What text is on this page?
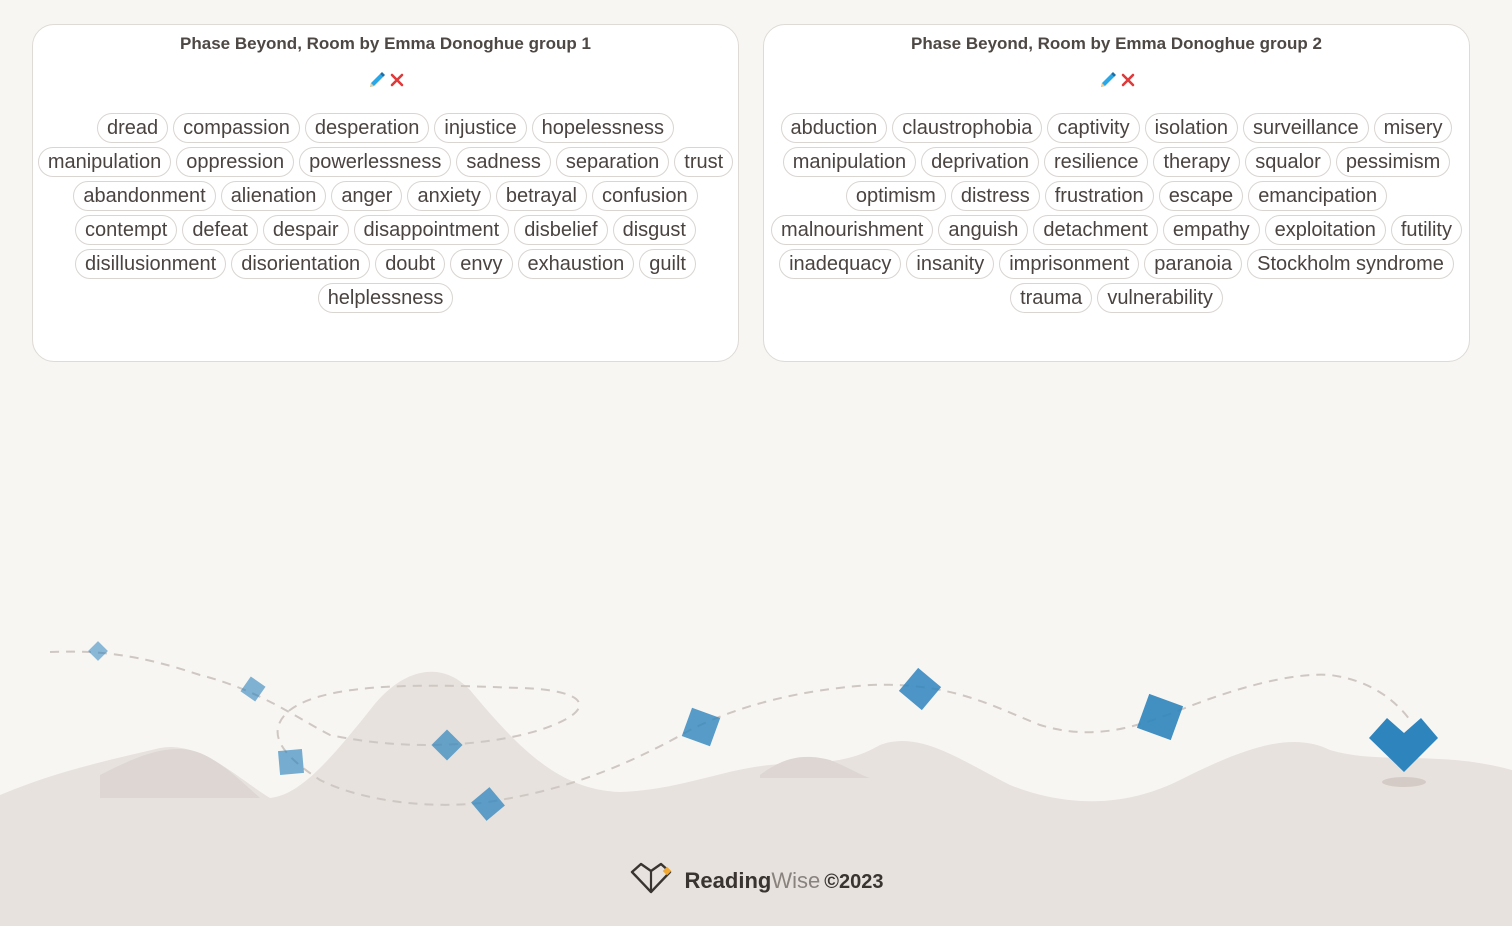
Phase Beyond, Room by Emma Donoghue group 1
dread	compassion	desperation	injustice	hopelessness
manipulation	oppression	powerlessness	sadness	separation	trust
abandonment	alienation	anger	anxiety	betrayal	confusion
contempt	defeat	despair	disappointment	disbelief	disgust
disillusionment	disorientation	doubt	envy	exhaustion	guilt
helplessness
Phase Beyond, Room by Emma Donoghue group 2
abduction	claustrophobia	captivity	isolation	surveillance	misery
manipulation	deprivation	resilience	therapy	squalor	pessimism
optimism	distress	frustration	escape	emancipation
malnourishment	anguish	detachment	empathy	exploitation	futility
inadequacy	insanity	imprisonment	paranoia	Stockholm syndrome
trauma	vulnerability
ReadingWise ©2023
